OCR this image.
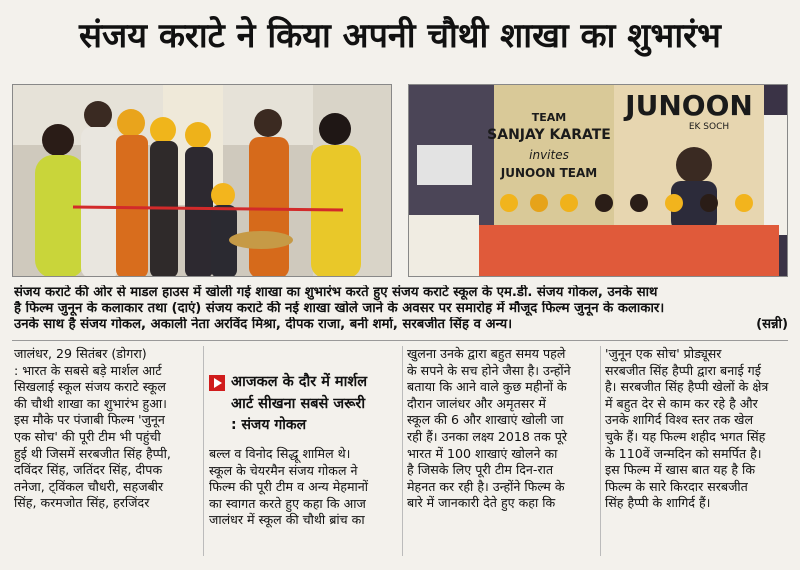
संजय कराटे ने किया अपनी चौथी शाखा का शुभारंभ
TEAM
SANJAY KARATE
invites
JUNOON TEAM
JUNOON
EK SOCH

संजय कराटे की ओर से माडल हाउस में खोली गई शाखा का शुभारंभ करते हुए संजय कराटे स्कूल के एम.डी. संजय गोकल, उनके साथ

है फिल्म जुनून के कलाकार तथा (दाएं) संजय कराटे की नई शाखा खोले जाने के अवसर पर समारोह में मौजूद फिल्म जुनून के कलाकार।

उनके साथ है संजय गोकल, अकाली नेता अरविंद मिश्रा, दीपक राजा, बनी शर्मा, सरबजीत सिंह व अन्य।	(सन्नी)

जालंधर, 29 सितंबर (डोगरा)

: भारत के सबसे बड़े मार्शल आर्ट

सिखलाई स्कूल संजय कराटे स्कूल

की चौथी शाखा का शुभारंभ हुआ।

इस मौके पर पंजाबी फिल्म 'जुनून

एक सोच' की पूरी टीम भी पहुंची

हुई थी जिसमें सरबजीत सिंह हैप्पी,

दविंदर सिंह, जतिंदर सिंह, दीपक

तनेजा, ट्विंकल चौधरी, सहजबीर

सिंह, करमजोत सिंह, हरजिंदर

आजकल के दौर में मार्शल
आर्ट सीखना सबसे जरूरी
: संजय गोकल

बल्ल व विनोद सिद्धू शामिल थे।

स्कूल के चेयरमैन संजय गोकल ने

फिल्म की पूरी टीम व अन्य मेहमानों

का स्वागत करते हुए कहा कि आज

जालंधर में स्कूल की चौथी ब्रांच का

खुलना उनके द्वारा बहुत समय पहले

के सपने के सच होने जैसा है। उन्होंने

बताया कि आने वाले कुछ महीनों के

दौरान जालंधर और अमृतसर में

स्कूल की 6 और शाखाएं खोली जा

रही हैं। उनका लक्ष्य 2018 तक पूरे

भारत में 100 शाखाएं खोलने का

है जिसके लिए पूरी टीम दिन-रात

मेहनत कर रही है। उन्होंने फिल्म के

बारे में जानकारी देते हुए कहा कि

'जुनून एक सोच' प्रोड्यूसर

सरबजीत सिंह हैप्पी द्वारा बनाई गई

है। सरबजीत सिंह हैप्पी खेलों के क्षेत्र

में बहुत देर से काम कर रहे है और

उनके शागिर्द विश्व स्तर तक खेल

चुके हैं। यह फिल्म शहीद भगत सिंह

के 110वें जन्मदिन को समर्पित है।

इस फिल्म में खास बात यह है कि

फिल्म के सारे किरदार सरबजीत

सिंह हैप्पी के शागिर्द हैं।
